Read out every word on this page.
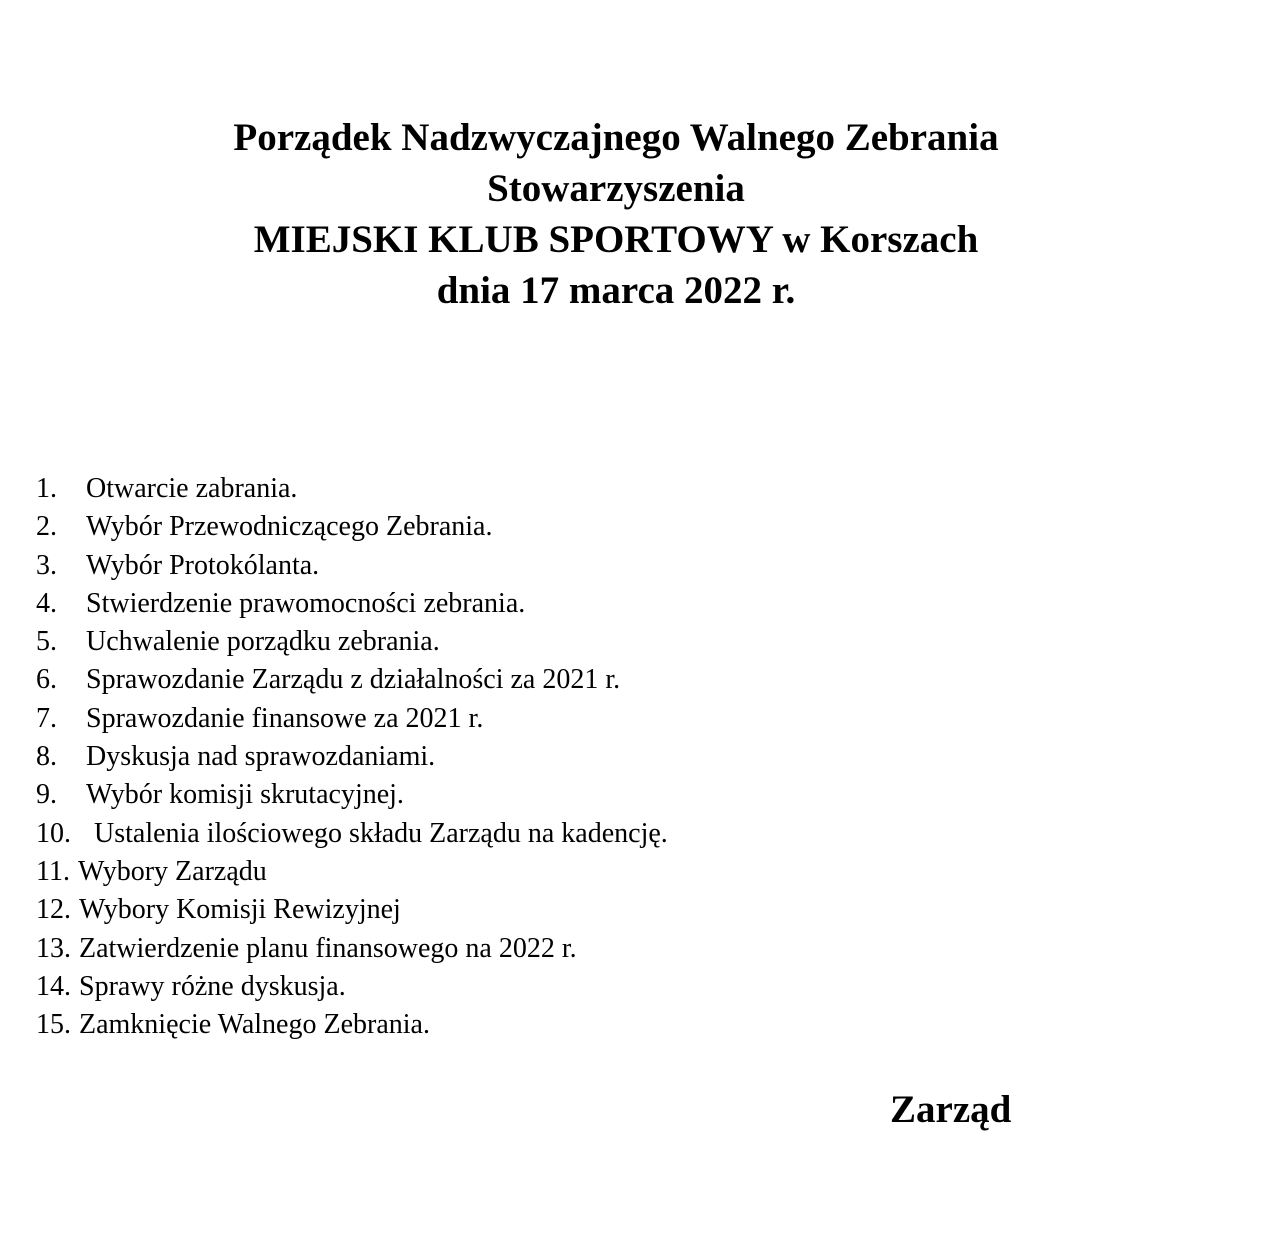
Porządek Nadzwyczajnego Walnego Zebrania
Stowarzyszenia
MIEJSKI KLUB SPORTOWY w Korszach
dnia 17 marca 2022 r.
1. Otwarcie zabrania.
2. Wybór Przewodniczącego Zebrania.
3. Wybór Protokólanta.
4. Stwierdzenie prawomocności zebrania.
5. Uchwalenie porządku zebrania.
6. Sprawozdanie Zarządu z działalności za 2021 r.
7. Sprawozdanie finansowe za 2021 r.
8. Dyskusja nad sprawozdaniami.
9. Wybór komisji skrutacyjnej.
10. Ustalenia ilościowego składu Zarządu na kadencję.
11. Wybory Zarządu
12. Wybory Komisji Rewizyjnej
13. Zatwierdzenie planu finansowego na 2022 r.
14. Sprawy różne dyskusja.
15. Zamknięcie Walnego Zebrania.
Zarząd
